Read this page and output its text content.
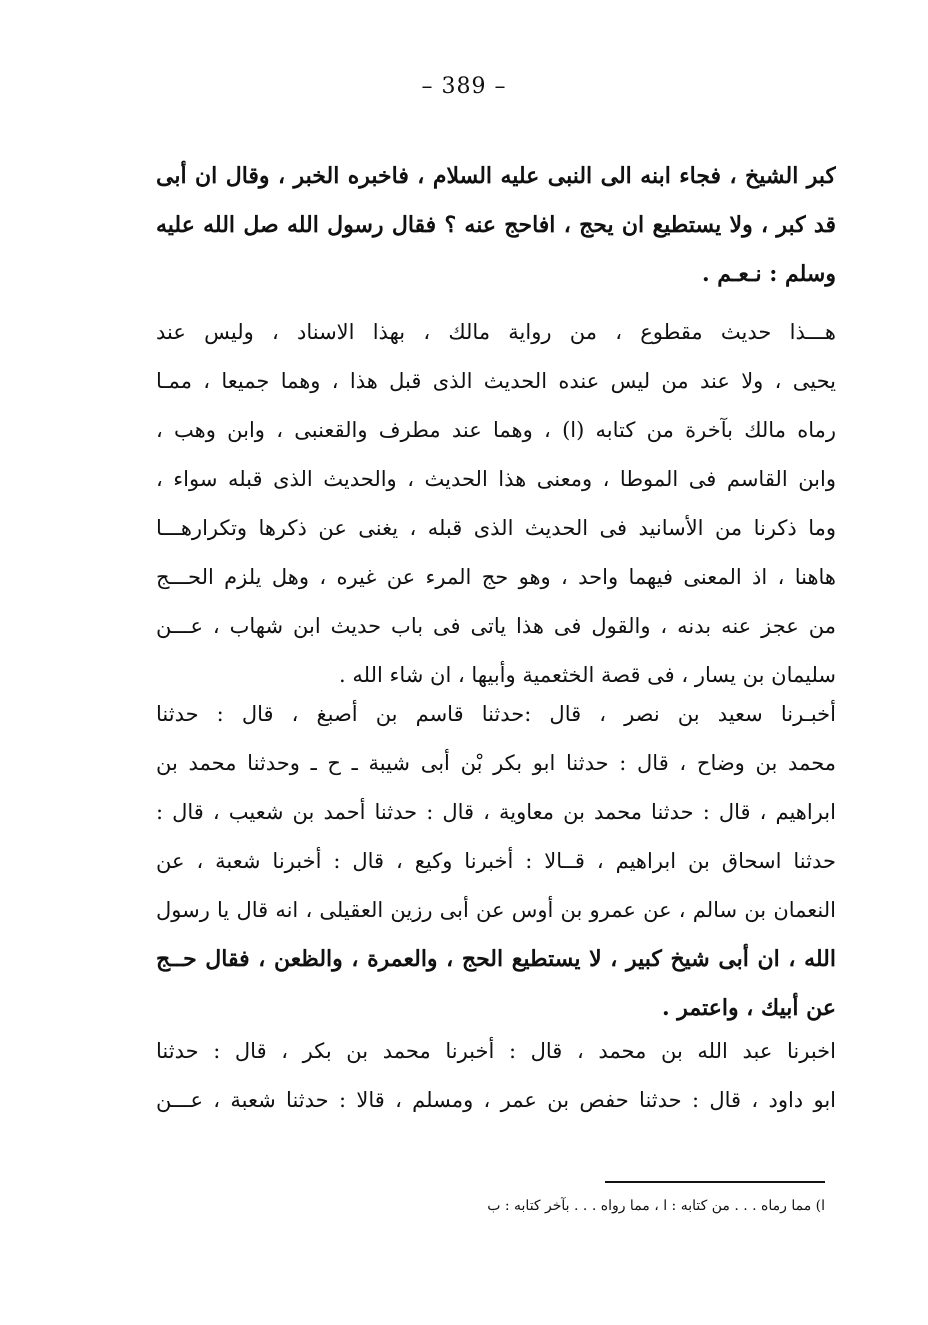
– 389 –
كبر الشيخ ، فجاء ابنه الى النبى عليه السلام ، فاخبره الخبر ، وقال ان أبى
قد كبر ، ولا يستطيع ان يحج ، افاحج عنه ؟ فقال رسول الله صل الله عليه
وسلم : نـعـم .
هـــذا حديث مقطوع ، من رواية مالك ، بهذا الاسناد ، وليس عند
يحيى ، ولا عند من ليس عنده الحديث الذى قبل هذا ، وهما جميعا ، ممـا
رماه مالك بآخرة من كتابه (ا) ، وهما عند مطرف والقعنبى ، وابن وهب ،
وابن القاسم فى الموطا ، ومعنى هذا الحديث ، والحديث الذى قبله سواء ،
وما ذكرنا من الأسانيد فى الحديث الذى قبله ، يغنى عن ذكرها وتكرارهـــا
هاهنا ، اذ المعنى فيهما واحد ، وهو حج المرء عن غيره ، وهل يلزم الحـــج
من عجز عنه بدنه ، والقول فى هذا ياتى فى باب حديث ابن شهاب ، عـــن
سليمان بن يسار ، فى قصة الخثعمية وأبيها ، ان شاء الله .
أخبـرنا سعيد بن نصر ، قال :حدثنا قاسم بن أصبغ ، قال : حدثنا
محمد بن وضاح ، قال : حدثنا ابو بكر بْن أبى شيبة ـ ح ـ وحدثنا محمد بن
ابراهيم ، قال : حدثنا محمد بن معاوية ، قال : حدثنا أحمد بن شعيب ، قال :
حدثنا اسحاق بن ابراهيم ، قــالا : أخبرنا وكيع ، قال : أخبرنا شعبة ، عن
النعمان بن سالم ، عن عمرو بن أوس عن أبى رزين العقيلى ، انه قال يا رسول
الله ، ان أبى شيخ كبير ، لا يستطيع الحج ، والعمرة ، والظعن ، فقال حــج
عن أبيك ، واعتمر .
اخبرنا عبد الله بن محمد ، قال : أخبرنا محمد بن بكر ، قال : حدثنا
ابو داود ، قال : حدثنا حفص بن عمر ، ومسلم ، قالا : حدثنا شعبة ، عـــن
ا) مما رماه . . . من كتابه : ا ، مما رواه . . . بآخر كتابه : ب
